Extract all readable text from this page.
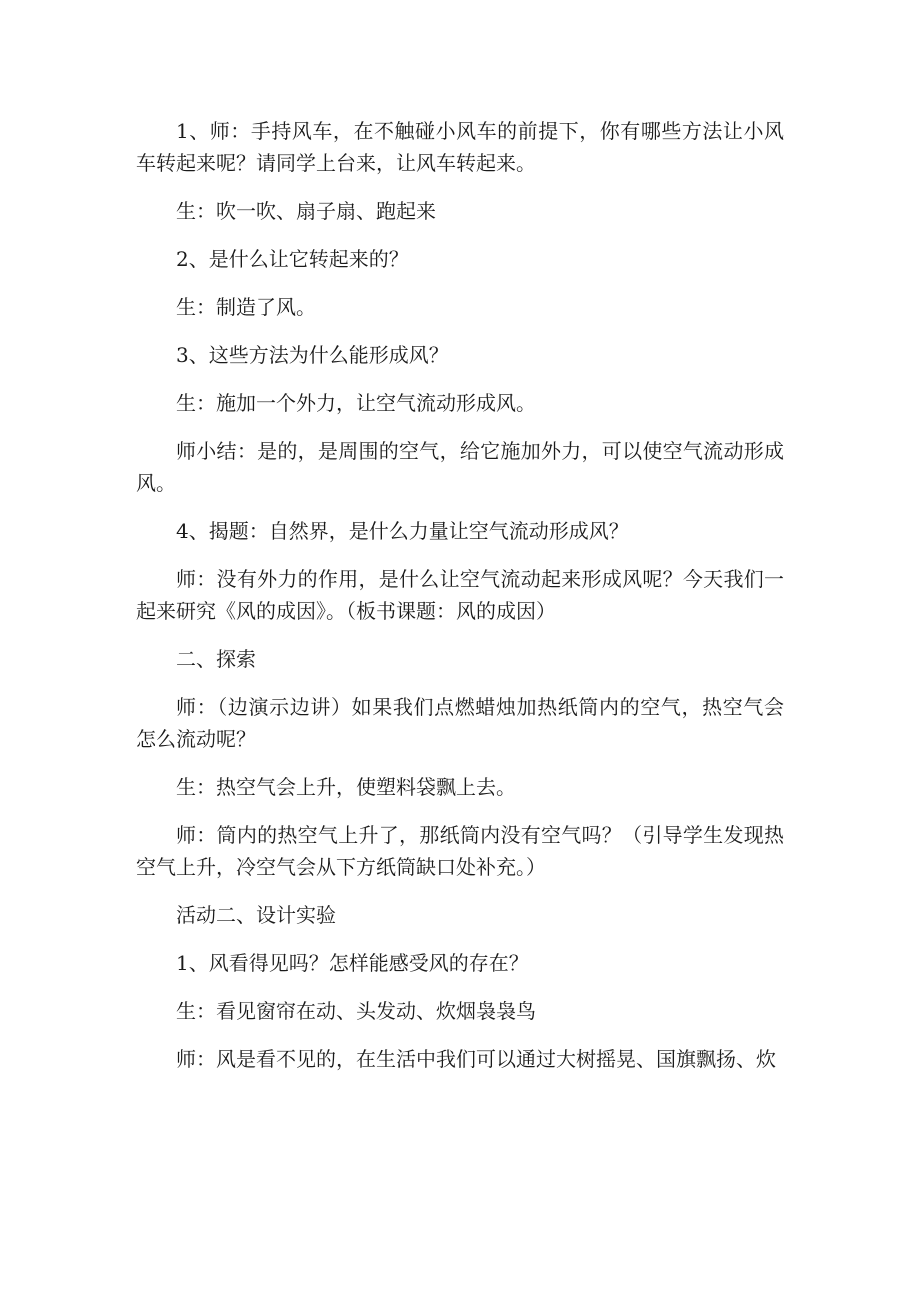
1、师：手持风车，在不触碰小风车的前提下，你有哪些方法让小风车转起来呢？请同学上台来，让风车转起来。

生：吹一吹、扇子扇、跑起来

2、是什么让它转起来的？

生：制造了风。

3、这些方法为什么能形成风？

生：施加一个外力，让空气流动形成风。

师小结：是的，是周围的空气，给它施加外力，可以使空气流动形成风。

4、揭题：自然界，是什么力量让空气流动形成风？

师：没有外力的作用，是什么让空气流动起来形成风呢？今天我们一起来研究《风的成因》。（板书课题：风的成因）

二、探索

师：（边演示边讲）如果我们点燃蜡烛加热纸筒内的空气，热空气会怎么流动呢？

生：热空气会上升，使塑料袋飘上去。

师：筒内的热空气上升了，那纸筒内没有空气吗？（引导学生发现热空气上升，冷空气会从下方纸筒缺口处补充。）

活动二、设计实验

1、风看得见吗？怎样能感受风的存在？

生：看见窗帘在动、头发动、炊烟袅袅鸟

师：风是看不见的，在生活中我们可以通过大树摇晃、国旗飘扬、炊
